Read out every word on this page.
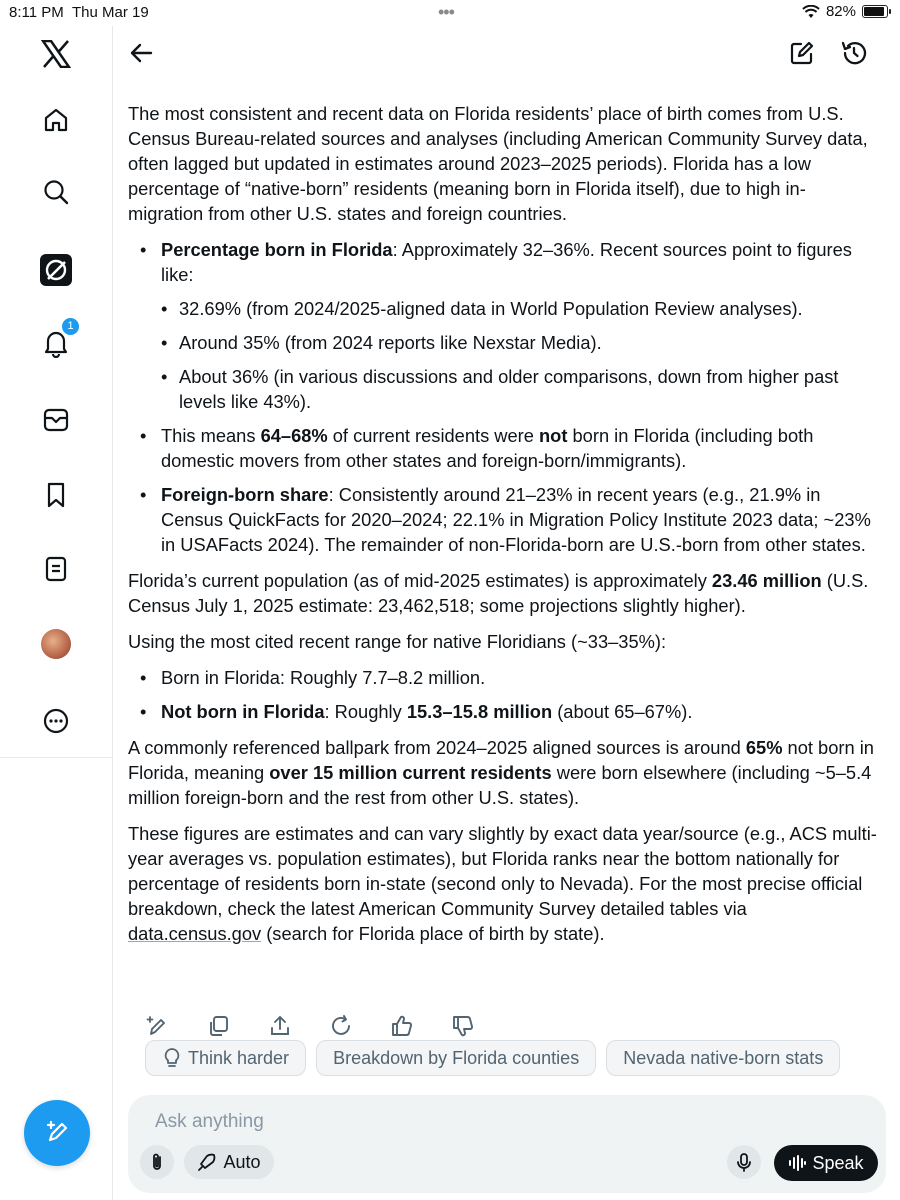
8:11 PM Thu Mar 19	•••	82%
1

The most consistent and recent data on Florida residents’ place of birth comes from U.S. Census Bureau-related sources and analyses (including American Community Survey data, often lagged but updated in estimates around 2023–2025 periods). Florida has a low percentage of “native-born” residents (meaning born in Florida itself), due to high in-migration from other U.S. states and foreign countries.

• Percentage born in Florida: Approximately 32–36%. Recent sources point to figures like:
• 32.69% (from 2024/2025-aligned data in World Population Review analyses).
• Around 35% (from 2024 reports like Nexstar Media).
• About 36% (in various discussions and older comparisons, down from higher past levels like 43%).
• This means 64–68% of current residents were not born in Florida (including both domestic movers from other states and foreign-born/immigrants).
• Foreign-born share: Consistently around 21–23% in recent years (e.g., 21.9% in Census QuickFacts for 2020–2024; 22.1% in Migration Policy Institute 2023 data; ~23% in USAFacts 2024). The remainder of non-Florida-born are U.S.-born from other states.

Florida’s current population (as of mid-2025 estimates) is approximately 23.46 million (U.S. Census July 1, 2025 estimate: 23,462,518; some projections slightly higher).

Using the most cited recent range for native Floridians (~33–35%):

• Born in Florida: Roughly 7.7–8.2 million.
• Not born in Florida: Roughly 15.3–15.8 million (about 65–67%).

A commonly referenced ballpark from 2024–2025 aligned sources is around 65% not born in Florida, meaning over 15 million current residents were born elsewhere (including ~5–5.4 million foreign-born and the rest from other U.S. states).

These figures are estimates and can vary slightly by exact data year/source (e.g., ACS multi-year averages vs. population estimates), but Florida ranks near the bottom nationally for percentage of residents born in-state (second only to Nevada). For the most precise official breakdown, check the latest American Community Survey detailed tables via data.census.gov (search for Florida place of birth by state).

Think harder Breakdown by Florida counties Nevada native-born stats
Ask anything
Auto	Speak
